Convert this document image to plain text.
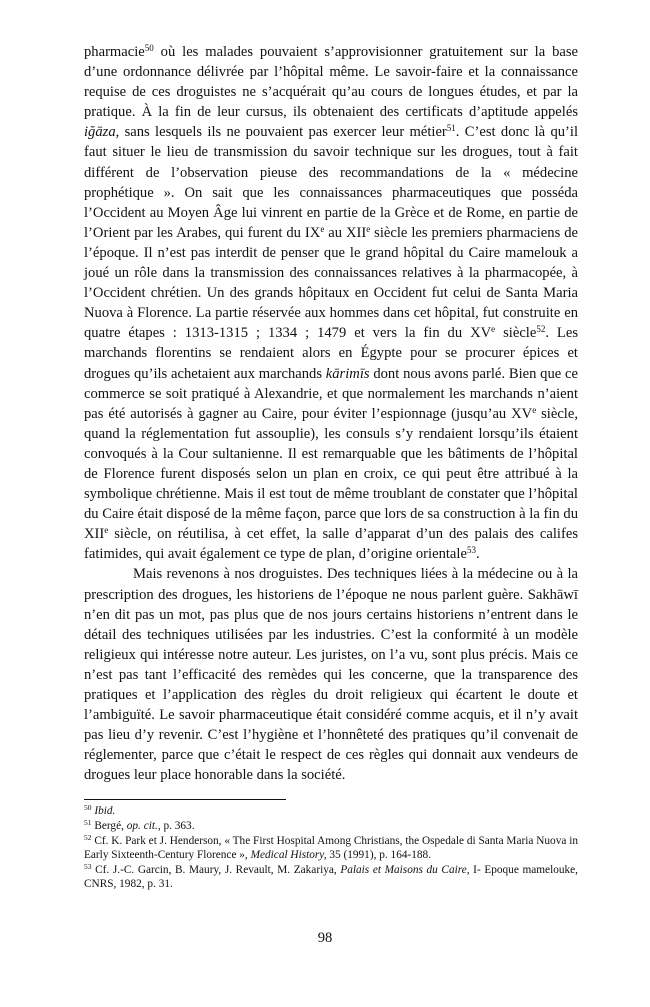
pharmacie$^{50}$ où les malades pouvaient s’approvisionner gratuitement sur la base d’une ordonnance délivrée par l’hôpital même. Le savoir-faire et la connaissance requise de ces droguistes ne s’acquérait qu’au cours de longues études, et par la pratique. À la fin de leur cursus, ils obtenaient des certificats d’aptitude appelés iğāza, sans lesquels ils ne pouvaient pas exercer leur métier$^{51}$. C’est donc là qu’il faut situer le lieu de transmission du savoir technique sur les drogues, tout à fait différent de l’observation pieuse des recommandations de la « médecine prophétique ». On sait que les connaissances pharmaceutiques que posséda l’Occident au Moyen Âge lui vinrent en partie de la Grèce et de Rome, en partie de l’Orient par les Arabes, qui furent du IXe au XIIe siècle les premiers pharmaciens de l’époque. Il n’est pas interdit de penser que le grand hôpital du Caire mamelouk a joué un rôle dans la transmission des connaissances relatives à la pharmacopée, à l’Occident chrétien. Un des grands hôpitaux en Occident fut celui de Santa Maria Nuova à Florence. La partie réservée aux hommes dans cet hôpital, fut construite en quatre étapes : 1313-1315 ; 1334 ; 1479 et vers la fin du XVe siècle$^{52}$. Les marchands florentins se rendaient alors en Égypte pour se procurer épices et drogues qu’ils achetaient aux marchands kārimīs dont nous avons parlé. Bien que ce commerce se soit pratiqué à Alexandrie, et que normalement les marchands n’aient pas été autorisés à gagner au Caire, pour éviter l’espionnage (jusqu’au XVe siècle, quand la réglementation fut assouplie), les consuls s’y rendaient lorsqu’ils étaient convoqués à la Cour sultanienne. Il est remarquable que les bâtiments de l’hôpital de Florence furent disposés selon un plan en croix, ce qui peut être attribué à la symbolique chrétienne. Mais il est tout de même troublant de constater que l’hôpital du Caire était disposé de la même façon, parce que lors de sa construction à la fin du XIIe siècle, on réutilisa, à cet effet, la salle d’apparat d’un des palais des califes fatimides, qui avait également ce type de plan, d’origine orientale$^{53}$.

Mais revenons à nos droguistes. Des techniques liées à la médecine ou à la prescription des drogues, les historiens de l’époque ne nous parlent guère. Sakhāwī n’en dit pas un mot, pas plus que de nos jours certains historiens n’entrent dans le détail des techniques utilisées par les industries. C’est la conformité à un modèle religieux qui intéresse notre auteur. Les juristes, on l’a vu, sont plus précis. Mais ce n’est pas tant l’efficacité des remèdes qui les concerne, que la transparence des pratiques et l’application des règles du droit religieux qui écartent le doute et l’ambiguïté. Le savoir pharmaceutique était considéré comme acquis, et il n’y avait pas lieu d’y revenir. C’est l’hygiène et l’honnêteté des pratiques qu’il convenait de réglementer, parce que c’était le respect de ces règles qui donnait aux vendeurs de drogues leur place honorable dans la société.

$^{50}$ Ibid.

$^{51}$ Bergé, op. cit., p. 363.

$^{52}$ Cf. K. Park et J. Henderson, « The First Hospital Among Christians, the Ospedale di Santa Maria Nuova in Early Sixteenth-Century Florence », Medical History, 35 (1991), p. 164-188.

$^{53}$ Cf. J.-C. Garcin, B. Maury, J. Revault, M. Zakariya, Palais et Maisons du Caire, I- Epoque mamelouke, CNRS, 1982, p. 31.

98
